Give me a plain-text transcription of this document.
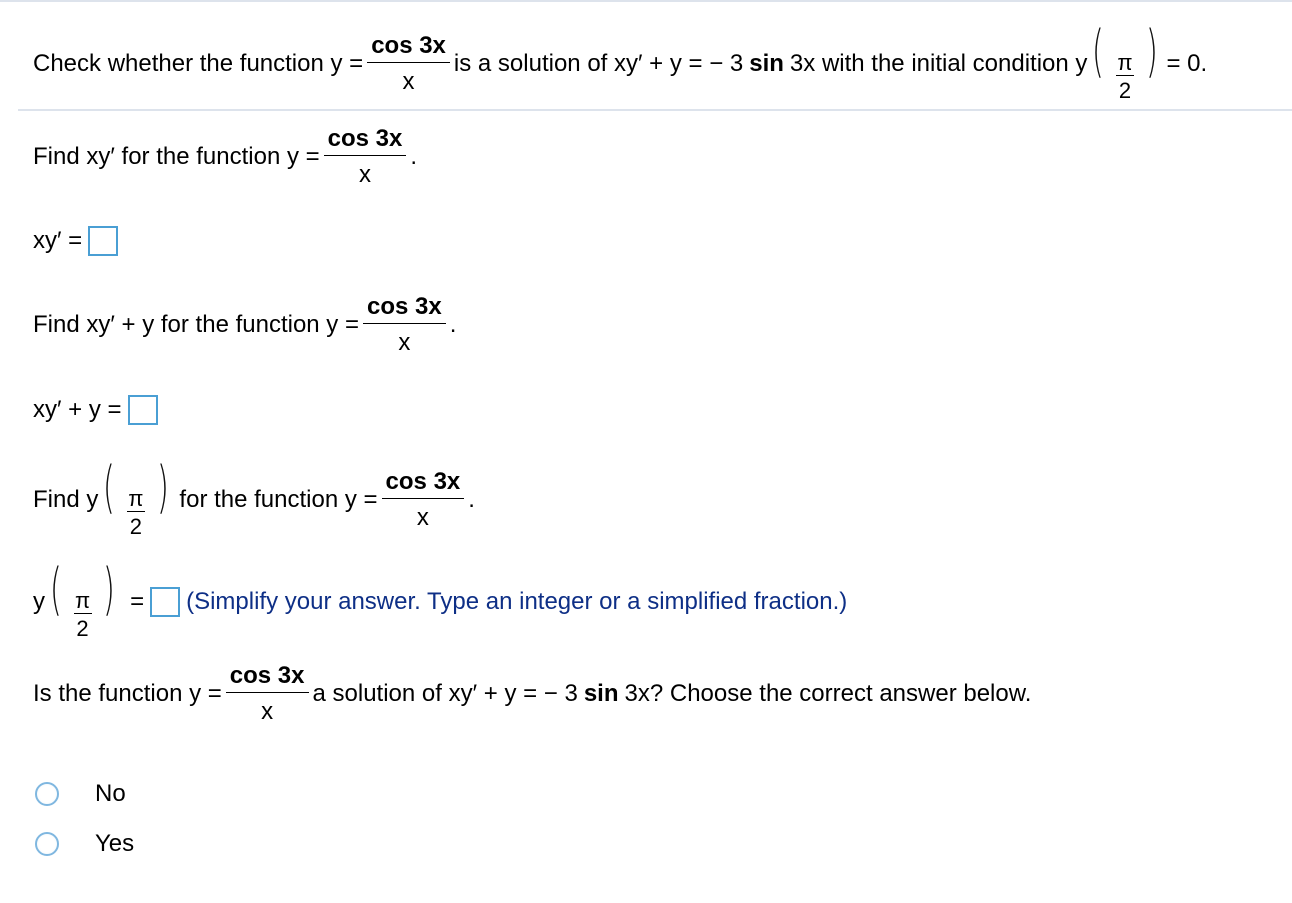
Check whether the function $y = \frac{\cos 3x}{x}$ is a solution of xy′ + y = − 3 sin 3x with the initial condition y ( $\frac{\pi}{2}$ ) = 0.
Find xy′ for the function $y = \frac{\cos 3x}{x}$ .
xy′ =
Find xy′ + y for the function $y = \frac{\cos 3x}{x}$ .
xy′ + y =
Find y ( $\frac{\pi}{2}$ ) for the function $y = \frac{\cos 3x}{x}$ .
y ( $\frac{\pi}{2}$ ) = (Simplify your answer. Type an integer or a simplified fraction.)
Is the function $y = \frac{\cos 3x}{x}$ a solution of xy′ + y = − 3 sin 3x? Choose the correct answer below.
No
Yes
